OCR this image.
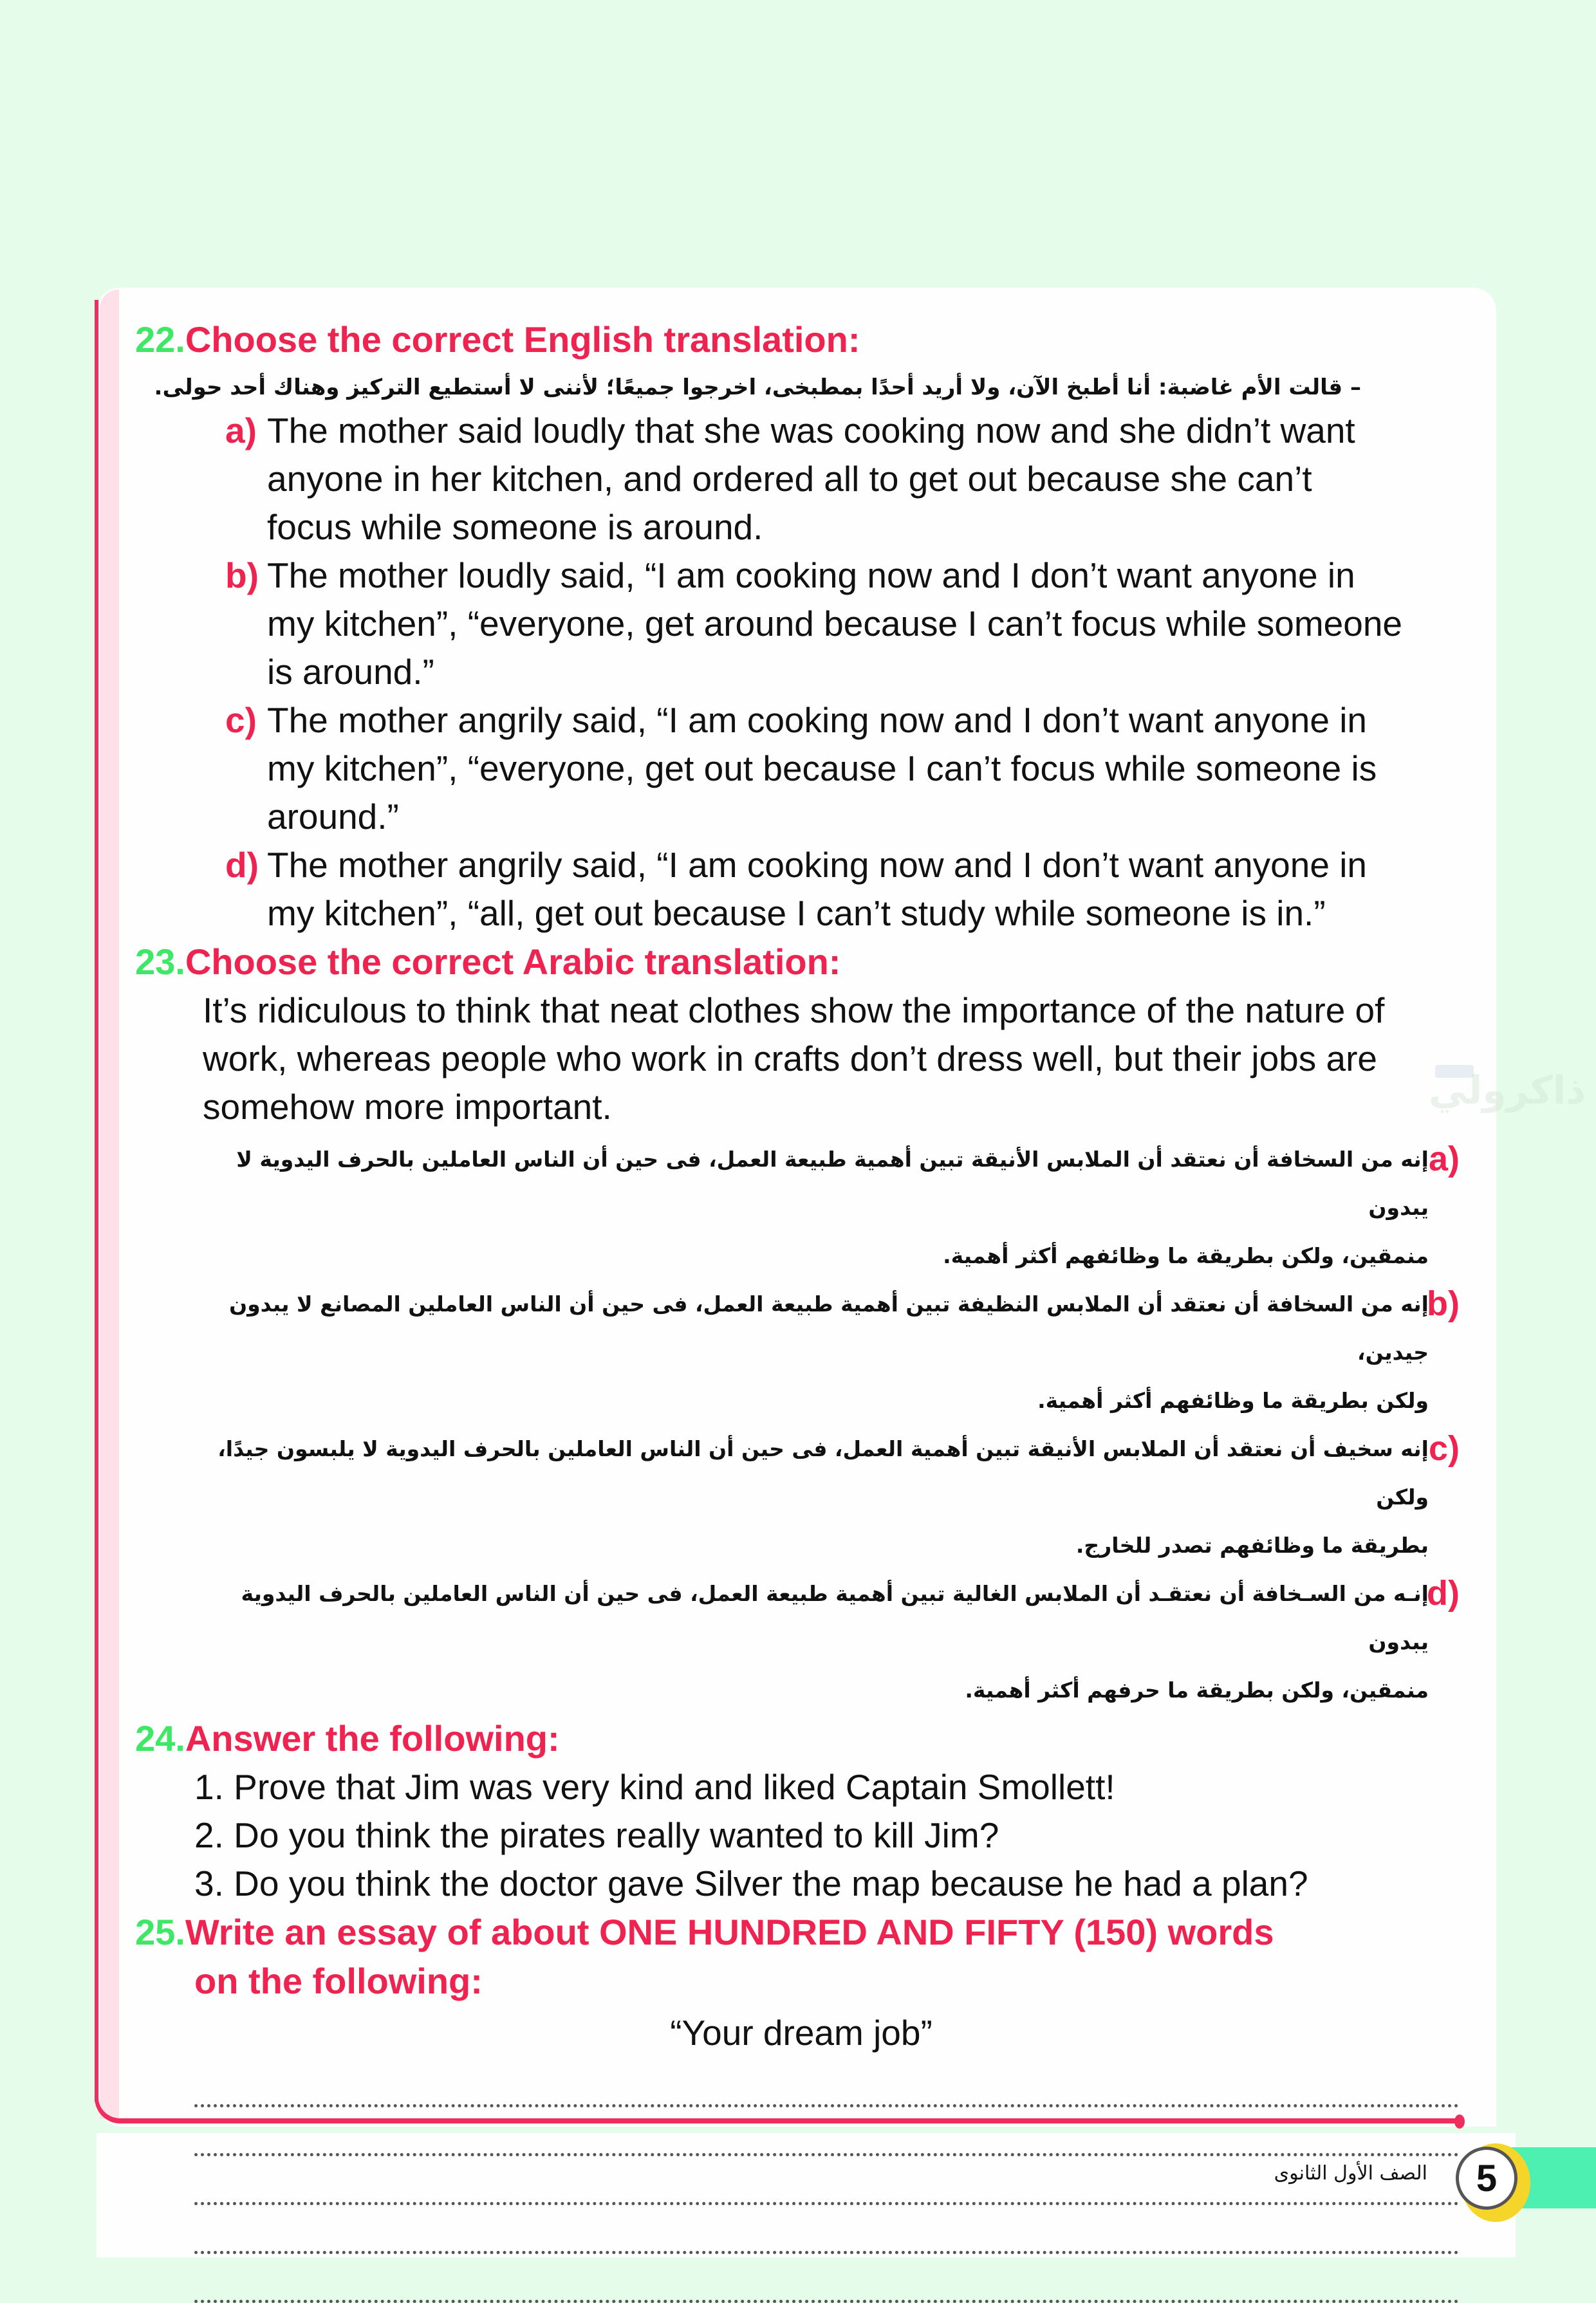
ذاكرولي
22.Choose the correct English translation:
– قالت الأم غاضبة: أنا أطبخ الآن، ولا أريد أحدًا بمطبخى، اخرجوا جميعًا؛ لأننى لا أستطيع التركيز وهناك أحد حولى.
a) The mother said loudly that she was cooking now and she didn’t want
anyone in her kitchen, and ordered all to get out because she can’t
focus while someone is around.
b) The mother loudly said, “I am cooking now and I don’t want anyone in
my kitchen”, “everyone, get around because I can’t focus while someone
is around.”
c) The mother angrily said, “I am cooking now and I don’t want anyone in
my kitchen”, “everyone, get out because I can’t focus while someone is
around.”
d) The mother angrily said, “I am cooking now and I don’t want anyone in
my kitchen”, “all, get out because I can’t study while someone is in.”
23.Choose the correct Arabic translation:
It’s ridiculous to think that neat clothes show the importance of the nature of
work, whereas people who work in crafts don’t dress well, but their jobs are
somehow more important.
a)
إنه من السخافة أن نعتقد أن الملابس الأنيقة تبين أهمية طبيعة العمل، فى حين أن الناس العاملين بالحرف اليدوية لا يبدون
منمقين، ولكن بطريقة ما وظائفهم أكثر أهمية.
b)
إنه من السخافة أن نعتقد أن الملابس النظيفة تبين أهمية طبيعة العمل، فى حين أن الناس العاملين المصانع لا يبدون جيدين،
ولكن بطريقة ما وظائفهم أكثر أهمية.
c)
إنه سخيف أن نعتقد أن الملابس الأنيقة تبين أهمية العمل، فى حين أن الناس العاملين بالحرف اليدوية لا يلبسون جيدًا، ولكن
بطريقة ما وظائفهم تصدر للخارج.
d)
إنـه من السـخافة أن نعتقـد أن الملابس الغالية تبين أهمية طبيعة العمل، فى حين أن الناس العاملين بالحرف اليدوية يبدون
منمقين، ولكن بطريقة ما حرفهم أكثر أهمية.
24.Answer the following:
1. Prove that Jim was very kind and liked Captain Smollett!
2. Do you think the pirates really wanted to kill Jim?
3. Do you think the doctor gave Silver the map because he had a plan?
25.Write an essay of about ONE HUNDRED AND FIFTY (150) words
on the following:
“Your dream job”
5
الصف الأول الثانوى
